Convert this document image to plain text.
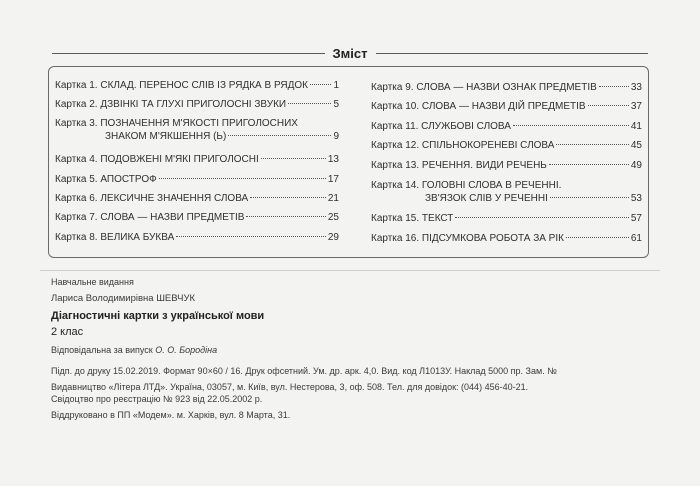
Зміст
Картка 1. СКЛАД. ПЕРЕНОС СЛІВ ІЗ РЯДКА В РЯДОК	1
Картка 2. ДЗВІНКІ ТА ГЛУХІ ПРИГОЛОСНІ ЗВУКИ	5
Картка 3. ПОЗНАЧЕННЯ М'ЯКОСТІ ПРИГОЛОСНИХ
ЗНАКОМ М'ЯКШЕННЯ (Ь)	9
Картка 4. ПОДОВЖЕНІ М'ЯКІ ПРИГОЛОСНІ	13
Картка 5. АПОСТРОФ	17
Картка 6. ЛЕКСИЧНЕ ЗНАЧЕННЯ СЛОВА	21
Картка 7. СЛОВА — НАЗВИ ПРЕДМЕТІВ	25
Картка 8. ВЕЛИКА БУКВА	29
Картка 9. СЛОВА — НАЗВИ ОЗНАК ПРЕДМЕТІВ	33
Картка 10. СЛОВА — НАЗВИ ДІЙ ПРЕДМЕТІВ	37
Картка 11. СЛУЖБОВІ СЛОВА	41
Картка 12. СПІЛЬНОКОРЕНЕВІ СЛОВА	45
Картка 13. РЕЧЕННЯ. ВИДИ РЕЧЕНЬ	49
Картка 14. ГОЛОВНІ СЛОВА В РЕЧЕННІ.
ЗВ'ЯЗОК СЛІВ У РЕЧЕННІ	53
Картка 15. ТЕКСТ	57
Картка 16. ПІДСУМКОВА РОБОТА ЗА РІК	61
Навчальне видання
Лариса Володимирівна ШЕВЧУК
Діагностичні картки з української мови
2 клас
Відповідальна за випуск О. О. Бородіна
Підп. до друку 15.02.2019. Формат 90×60 / 16. Друк офсетний. Ум. др. арк. 4,0. Вид. код Л1013У. Наклад 5000 пр. Зам. №
Видавництво «Літера ЛТД». Україна, 03057, м. Київ, вул. Нестерова, 3, оф. 508. Тел. для довідок: (044) 456-40-21.
Свідоцтво про реєстрацію № 923 від 22.05.2002 р.
Віддруковано в ПП «Модем». м. Харків, вул. 8 Марта, 31.
